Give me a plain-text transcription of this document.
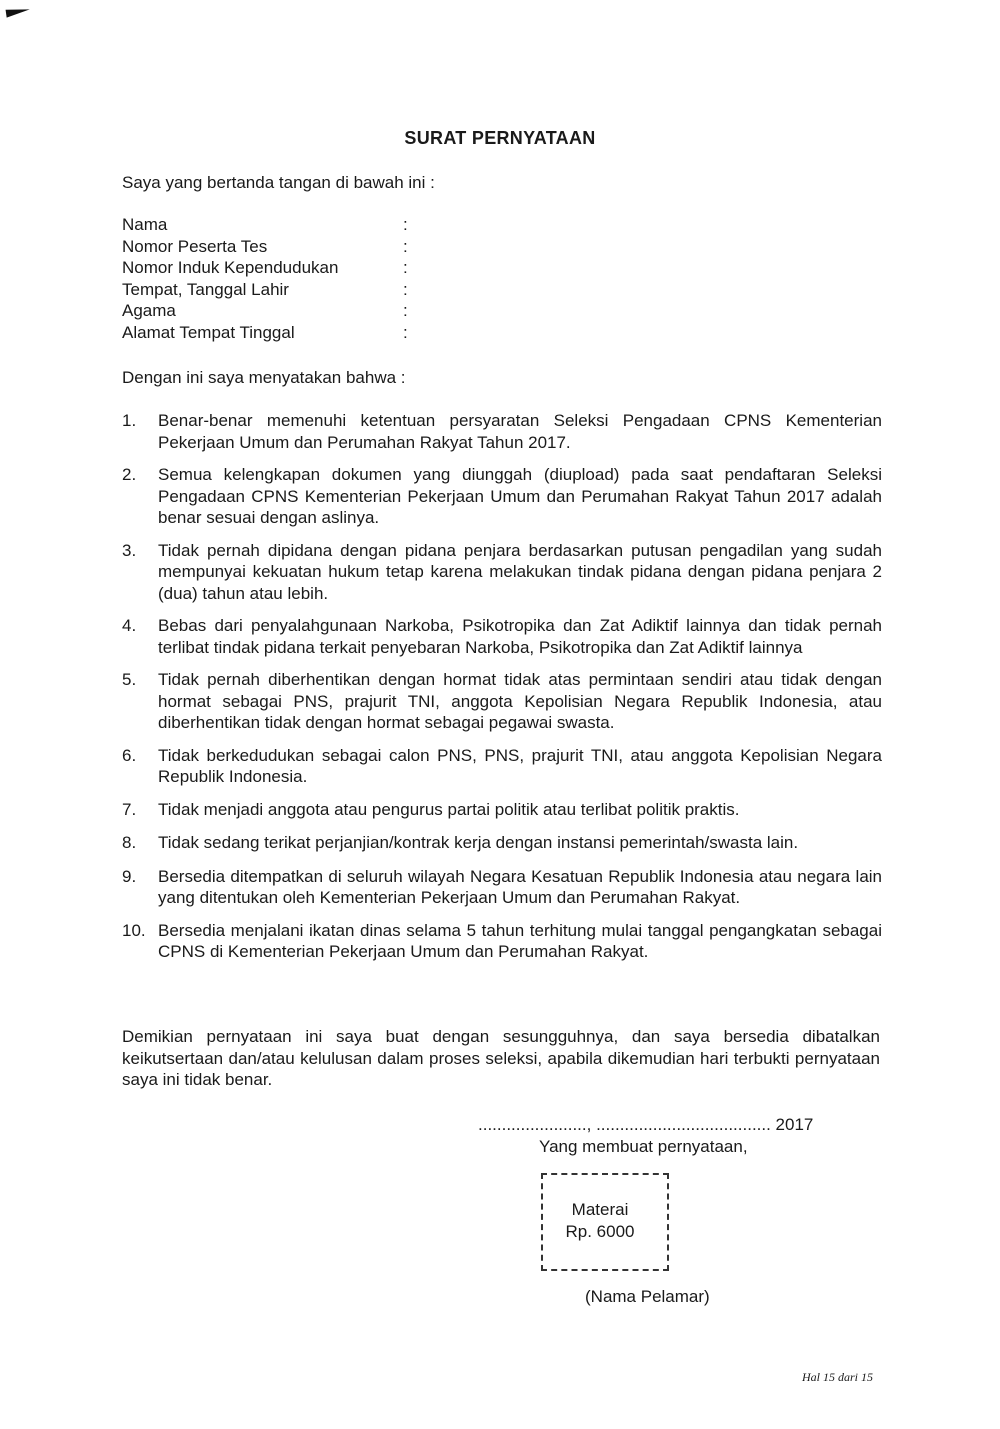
SURAT PERNYATAAN
Saya yang bertanda tangan di bawah ini :
Nama	:
Nomor Peserta Tes	:
Nomor Induk Kependudukan	:
Tempat, Tanggal Lahir	:
Agama	:
Alamat Tempat Tinggal	:
Dengan ini saya menyatakan bahwa :
1.	Benar-benar memenuhi ketentuan persyaratan Seleksi Pengadaan CPNS Kementerian Pekerjaan Umum dan Perumahan Rakyat Tahun 2017.
2.	Semua kelengkapan dokumen yang diunggah (diupload) pada saat pendaftaran Seleksi Pengadaan CPNS Kementerian Pekerjaan Umum dan Perumahan Rakyat Tahun 2017 adalah benar sesuai dengan aslinya.
3.	Tidak pernah dipidana dengan pidana penjara berdasarkan putusan pengadilan yang sudah mempunyai kekuatan hukum tetap karena melakukan tindak pidana dengan pidana penjara 2 (dua) tahun atau lebih.
4.	Bebas dari penyalahgunaan Narkoba, Psikotropika dan Zat Adiktif lainnya dan tidak pernah terlibat tindak pidana terkait penyebaran Narkoba, Psikotropika dan Zat Adiktif lainnya
5.	Tidak pernah diberhentikan dengan hormat tidak atas permintaan sendiri atau tidak dengan hormat sebagai PNS, prajurit TNI, anggota Kepolisian Negara Republik Indonesia, atau diberhentikan tidak dengan hormat sebagai pegawai swasta.
6.	Tidak berkedudukan sebagai calon PNS, PNS, prajurit TNI, atau anggota Kepolisian Negara Republik Indonesia.
7.	Tidak menjadi anggota atau pengurus partai politik atau terlibat politik praktis.
8.	Tidak sedang terikat perjanjian/kontrak kerja dengan instansi pemerintah/swasta lain.
9.	Bersedia ditempatkan di seluruh wilayah Negara Kesatuan Republik Indonesia atau negara lain yang ditentukan oleh Kementerian Pekerjaan Umum dan Perumahan Rakyat.
10. Bersedia menjalani ikatan dinas selama 5 tahun terhitung mulai tanggal pengangkatan sebagai CPNS di Kementerian Pekerjaan Umum dan Perumahan Rakyat.
Demikian pernyataan ini saya buat dengan sesungguhnya, dan saya bersedia dibatalkan keikutsertaan dan/atau kelulusan dalam proses seleksi, apabila dikemudian hari terbukti pernyataan saya ini tidak benar.
......................., ..................................... 2017
Yang membuat pernyataan,
Materai
Rp. 6000
(Nama Pelamar)
Hal 15 dari 15
